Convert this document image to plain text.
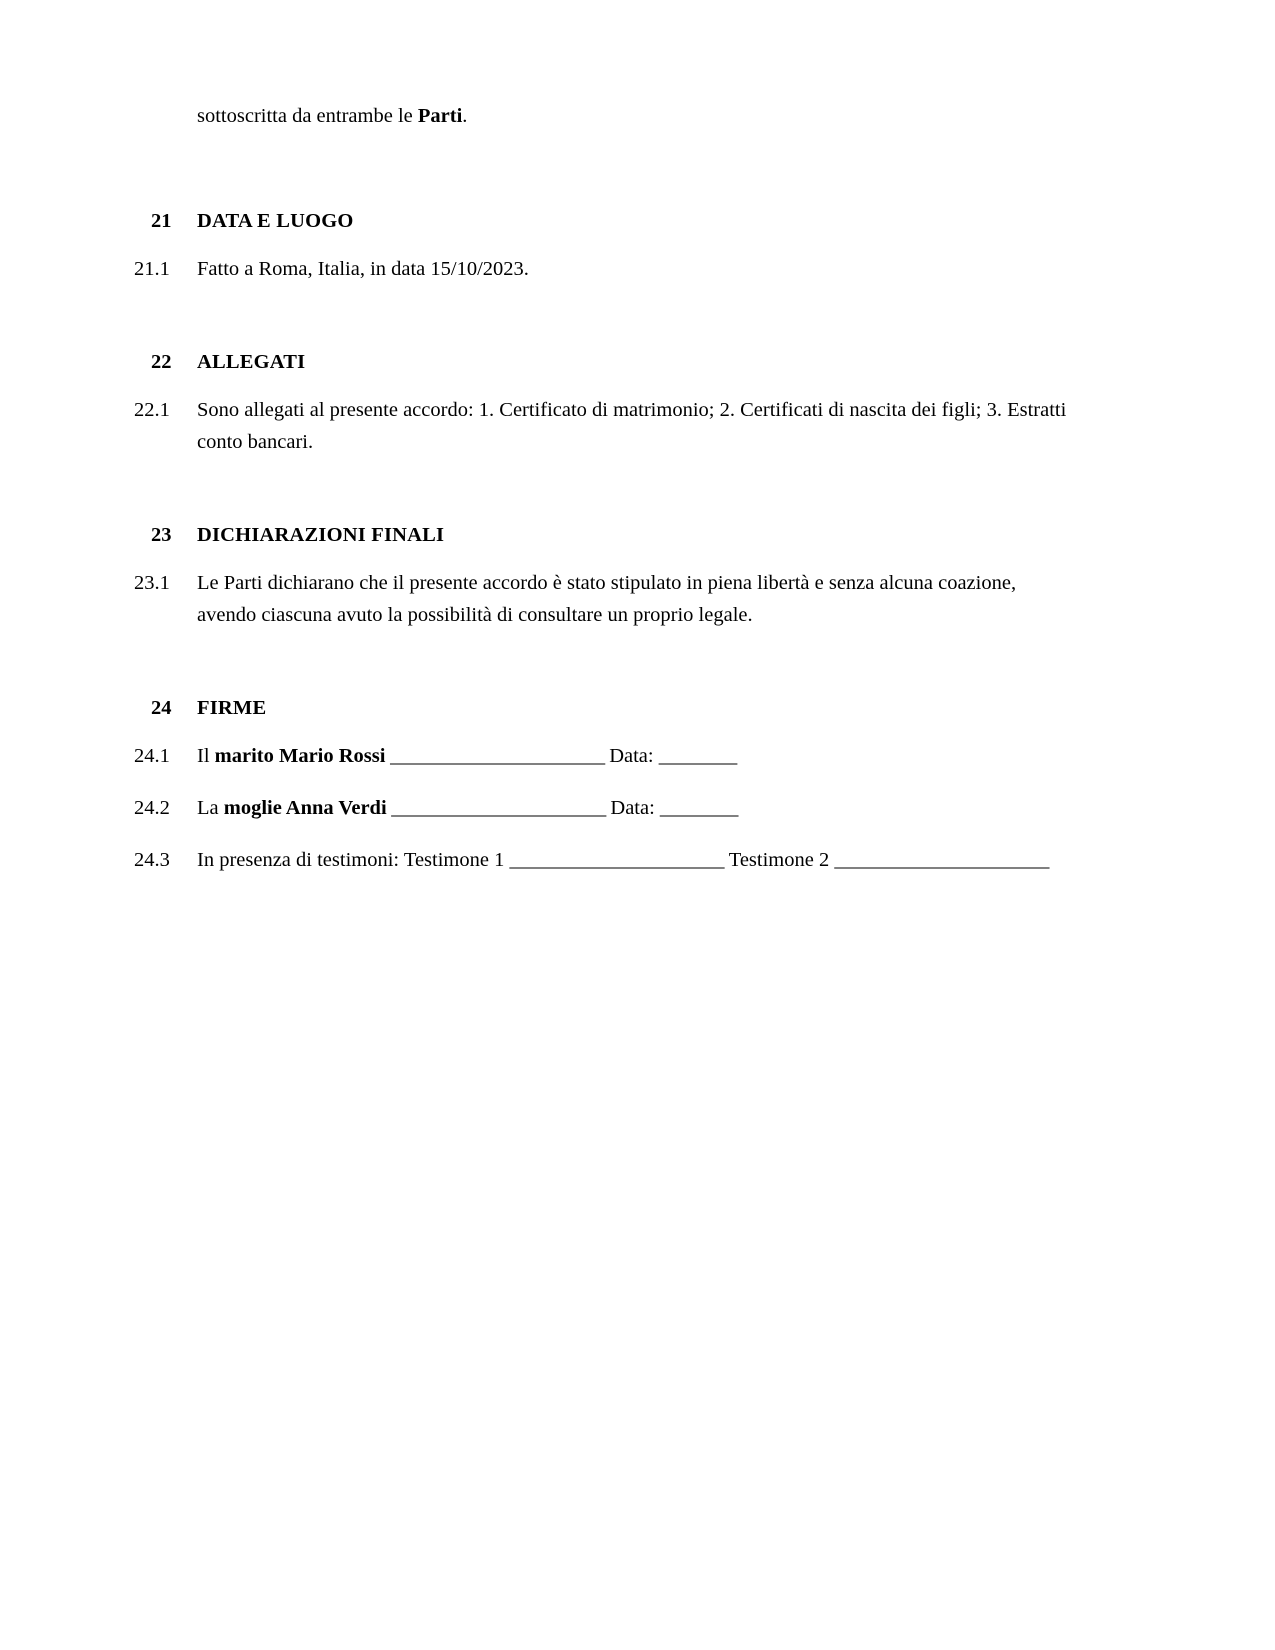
sottoscritta da entrambe le Parti.
21	DATA E LUOGO
21.1	Fatto a Roma, Italia, in data 15/10/2023.
22	ALLEGATI
22.1	Sono allegati al presente accordo: 1. Certificato di matrimonio; 2. Certificati di nascita dei figli; 3. Estratti conto bancari.
23	DICHIARAZIONI FINALI
23.1	Le Parti dichiarano che il presente accordo è stato stipulato in piena libertà e senza alcuna coazione, avendo ciascuna avuto la possibilità di consultare un proprio legale.
24	FIRME
24.1	Il marito Mario Rossi ______________________ Data: ________
24.2	La moglie Anna Verdi ______________________ Data: ________
24.3	In presenza di testimoni: Testimone 1 ______________________ Testimone 2 ______________________
